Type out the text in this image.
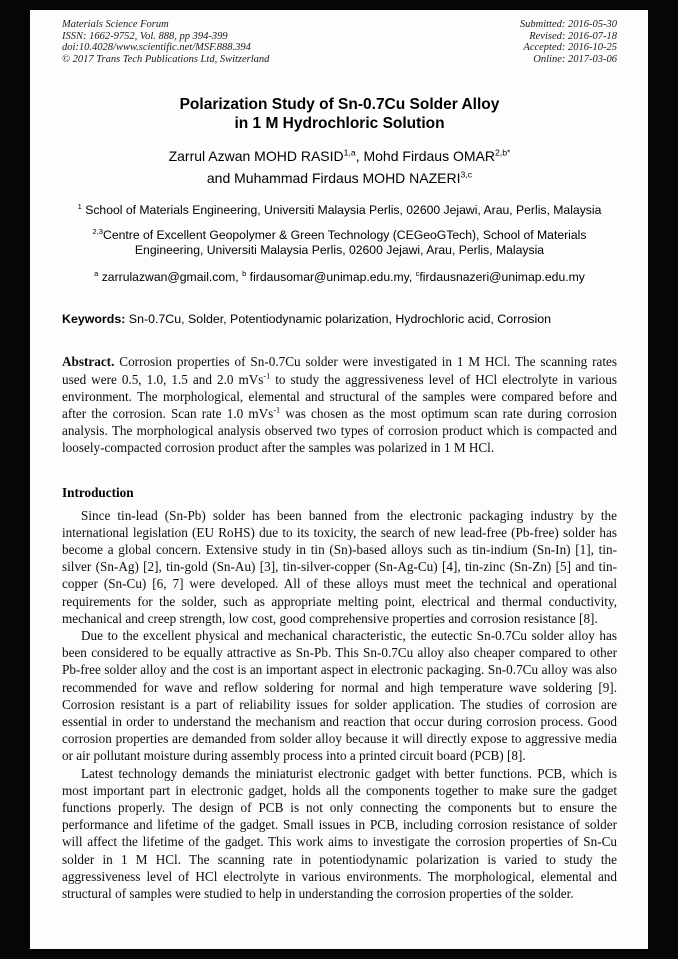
Materials Science Forum
ISSN: 1662-9752, Vol. 888, pp 394-399
doi:10.4028/www.scientific.net/MSF.888.394
© 2017 Trans Tech Publications Ltd, Switzerland
Submitted: 2016-05-30
Revised: 2016-07-18
Accepted: 2016-10-25
Online: 2017-03-06
Polarization Study of Sn-0.7Cu Solder Alloy
in 1 M Hydrochloric Solution
Zarrul Azwan MOHD RASID$^{1,a}$, Mohd Firdaus $OMAR^{2,b*}$
and Muhammad Firdaus MOHD NAZERI$^{3,c}$
$^1$ School of Materials Engineering, Universiti Malaysia Perlis, 02600 Jejawi, Arau, Perlis, Malaysia
$^{2,3}$Centre of Excellent Geopolymer & Green Technology (CEGeoGTech), School of Materials Engineering, Universiti Malaysia Perlis, 02600 Jejawi, Arau, Perlis, Malaysia
$^a$ zarrulazwan@gmail.com, $^b$ firdausomar@unimap.edu.my, $^c$firdausnazeri@unimap.edu.my
Keywords: Sn-0.7Cu, Solder, Potentiodynamic polarization, Hydrochloric acid, Corrosion

Abstract. Corrosion properties of Sn-0.7Cu solder were investigated in 1 M HCl. The scanning rates used were 0.5, 1.0, 1.5 and 2.0 mVs$^{-1}$ to study the aggressiveness level of HCl electrolyte in various environment. The morphological, elemental and structural of the samples were compared before and after the corrosion. Scan rate 1.0 mVs$^{-1}$ was chosen as the most optimum scan rate during corrosion analysis. The morphological analysis observed two types of corrosion product which is compacted and loosely-compacted corrosion product after the samples was polarized in 1 M HCl.

Introduction

Since tin-lead (Sn-Pb) solder has been banned from the electronic packaging industry by the international legislation (EU RoHS) due to its toxicity, the search of new lead-free (Pb-free) solder has become a global concern. Extensive study in tin (Sn)-based alloys such as tin-indium (Sn-In) [1], tin-silver (Sn-Ag) [2], tin-gold (Sn-Au) [3], tin-silver-copper (Sn-Ag-Cu) [4], tin-zinc (Sn-Zn) [5] and tin-copper (Sn-Cu) [6, 7] were developed. All of these alloys must meet the technical and operational requirements for the solder, such as appropriate melting point, electrical and thermal conductivity, mechanical and creep strength, low cost, good comprehensive properties and corrosion resistance [8].

Due to the excellent physical and mechanical characteristic, the eutectic Sn-0.7Cu solder alloy has been considered to be equally attractive as Sn-Pb. This Sn-0.7Cu alloy also cheaper compared to other Pb-free solder alloy and the cost is an important aspect in electronic packaging. Sn-0.7Cu alloy was also recommended for wave and reflow soldering for normal and high temperature wave soldering [9]. Corrosion resistant is a part of reliability issues for solder application. The studies of corrosion are essential in order to understand the mechanism and reaction that occur during corrosion process. Good corrosion properties are demanded from solder alloy because it will directly expose to aggressive media or air pollutant moisture during assembly process into a printed circuit board (PCB) [8].

Latest technology demands the miniaturist electronic gadget with better functions. PCB, which is most important part in electronic gadget, holds all the components together to make sure the gadget functions properly. The design of PCB is not only connecting the components but to ensure the performance and lifetime of the gadget. Small issues in PCB, including corrosion resistance of solder will affect the lifetime of the gadget. This work aims to investigate the corrosion properties of Sn-Cu solder in 1 M HCl. The scanning rate in potentiodynamic polarization is varied to study the aggressiveness level of HCl electrolyte in various environments. The morphological, elemental and structural of samples were studied to help in understanding the corrosion properties of the solder.
